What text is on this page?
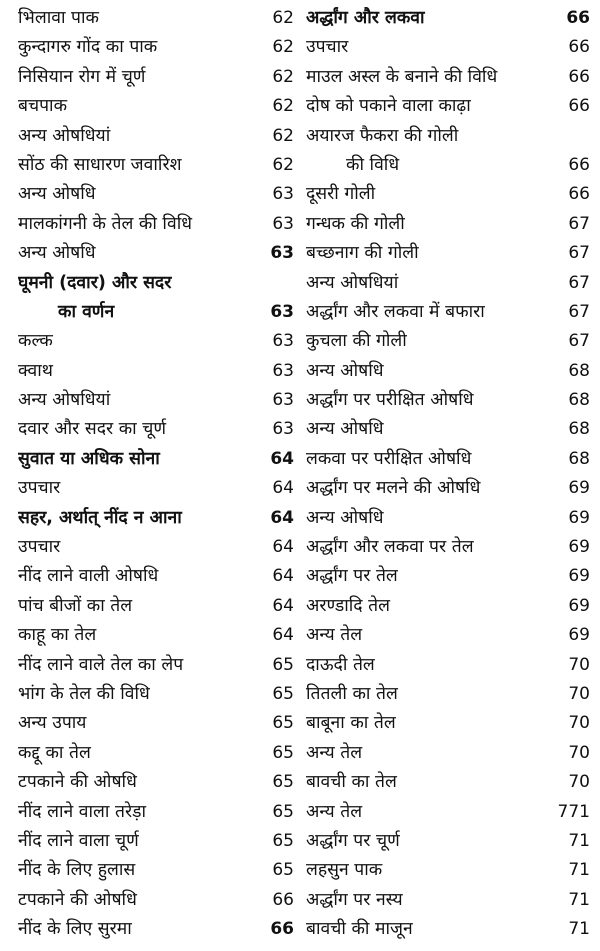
भिलावा पाक	62
कुन्दागरु गोंद का पाक	62
निसियान रोग में चूर्ण	62
बचपाक	62
अन्य ओषधियां	62
सोंठ की साधारण जवारिश	62
अन्य ओषधि	63
मालकांगनी के तेल की विधि	63
अन्य ओषधि	63
घूमनी (दवार) और सदर
का वर्णन	63
कल्क	63
क्वाथ	63
अन्य ओषधियां	63
दवार और सदर का चूर्ण	63
सुवात या अधिक सोना	64
उपचार	64
सहर, अर्थात् नींद न आना	64
उपचार	64
नींद लाने वाली ओषधि	64
पांच बीजों का तेल	64
काहू का तेल	64
नींद लाने वाले तेल का लेप	65
भांग के तेल की विधि	65
अन्य उपाय	65
कद्दू का तेल	65
टपकाने की ओषधि	65
नींद लाने वाला तरेड़ा	65
नींद लाने वाला चूर्ण	65
नींद के लिए हुलास	65
टपकाने की ओषधि	66
नींद के लिए सुरमा	66
अर्द्धांग और लकवा	66
उपचार	66
माउल अस्ल के बनाने की विधि	66
दोष को पकाने वाला काढ़ा	66
अयारज फैकरा की गोली
की विधि	66
दूसरी गोली	66
गन्धक की गोली	67
बच्छनाग की गोली	67
अन्य ओषधियां	67
अर्द्धांग और लकवा में बफारा	67
कुचला की गोली	67
अन्य ओषधि	68
अर्द्धांग पर परीक्षित ओषधि	68
अन्य ओषधि	68
लकवा पर परीक्षित ओषधि	68
अर्द्धांग पर मलने की ओषधि	69
अन्य ओषधि	69
अर्द्धांग और लकवा पर तेल	69
अर्द्धांग पर तेल	69
अरण्डादि तेल	69
अन्य तेल	69
दाऊदी तेल	70
तितली का तेल	70
बाबूना का तेल	70
अन्य तेल	70
बावची का तेल	70
अन्य तेल	771
अर्द्धांग पर चूर्ण	71
लहसुन पाक	71
अर्द्धांग पर नस्य	71
बावची की माजून	71
